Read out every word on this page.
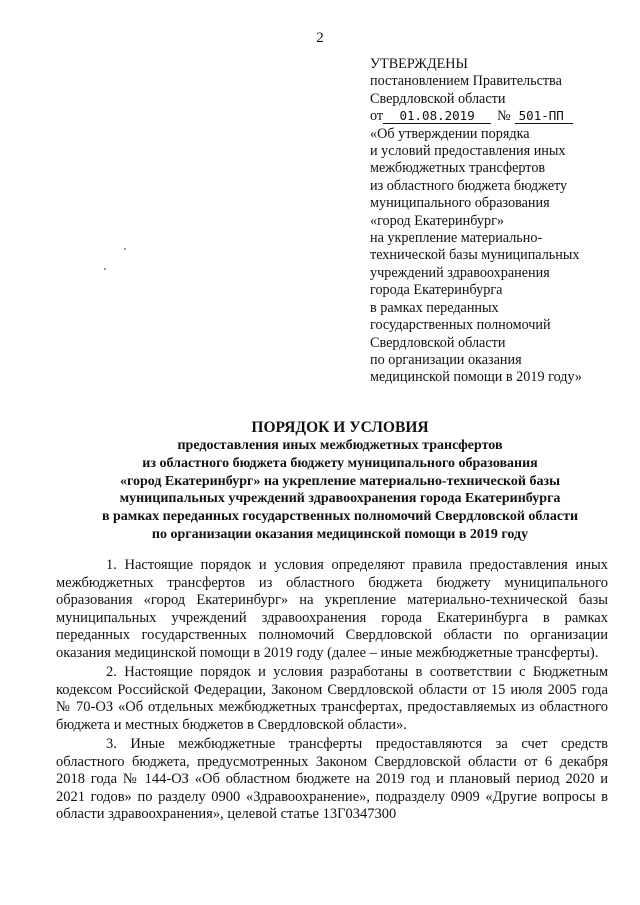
2
УТВЕРЖДЕНЫ
постановлением Правительства
Свердловской области
от	01.08.2019	№ 501-ПП
«Об утверждении порядка
и условий предоставления иных
межбюджетных трансфертов
из областного бюджета бюджету
муниципального образования
«город Екатеринбург»
на укрепление материально-
технической базы муниципальных
учреждений здравоохранения
города Екатеринбурга
в рамках переданных
государственных полномочий
Свердловской области
по организации оказания
медицинской помощи в 2019 году»
ПОРЯДОК И УСЛОВИЯ
предоставления иных межбюджетных трансфертов
из областного бюджета бюджету муниципального образования
«город Екатеринбург» на укрепление материально-технической базы
муниципальных учреждений здравоохранения города Екатеринбурга
в рамках переданных государственных полномочий Свердловской области
по организации оказания медицинской помощи в 2019 году

1. Настоящие порядок и условия определяют правила предоставления иных межбюджетных трансфертов из областного бюджета бюджету муниципального образования «город Екатеринбург» на укрепление материально-технической базы муниципальных учреждений здравоохранения города Екатеринбурга в рамках переданных государственных полномочий Свердловской области по организации оказания медицинской помощи в 2019 году (далее – иные межбюджетные трансферты).

2. Настоящие порядок и условия разработаны в соответствии с Бюджетным кодексом Российской Федерации, Законом Свердловской области от 15 июля 2005 года № 70-ОЗ «Об отдельных межбюджетных трансфертах, предоставляемых из областного бюджета и местных бюджетов в Свердловской области».

3. Иные межбюджетные трансферты предоставляются за счет средств областного бюджета, предусмотренных Законом Свердловской области от 6 декабря 2018 года № 144-ОЗ «Об областном бюджете на 2019 год и плановый период 2020 и 2021 годов» по разделу 0900 «Здравоохранение», подразделу 0909 «Другие вопросы в области здравоохранения», целевой статье 13Г0347300
